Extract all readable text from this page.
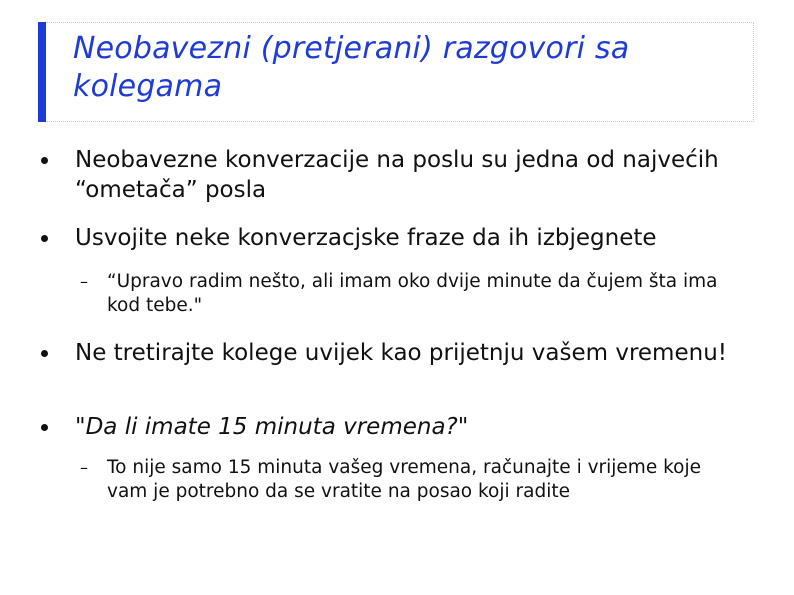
Neobavezni (pretjerani) razgovori sa kolegama
Neobavezne konverzacije na poslu su jedna od najvećih “ometača” posla
Usvojite neke konverzacjske fraze da ih izbjegnete
– “Upravo radim nešto, ali imam oko dvije minute da čujem šta ima kod tebe."
Ne tretirajte kolege uvijek kao prijetnju vašem vremenu!
"Da li imate 15 minuta vremena?"
– To nije samo 15 minuta vašeg vremena, računajte i vrijeme koje vam je potrebno da se vratite na posao koji radite
